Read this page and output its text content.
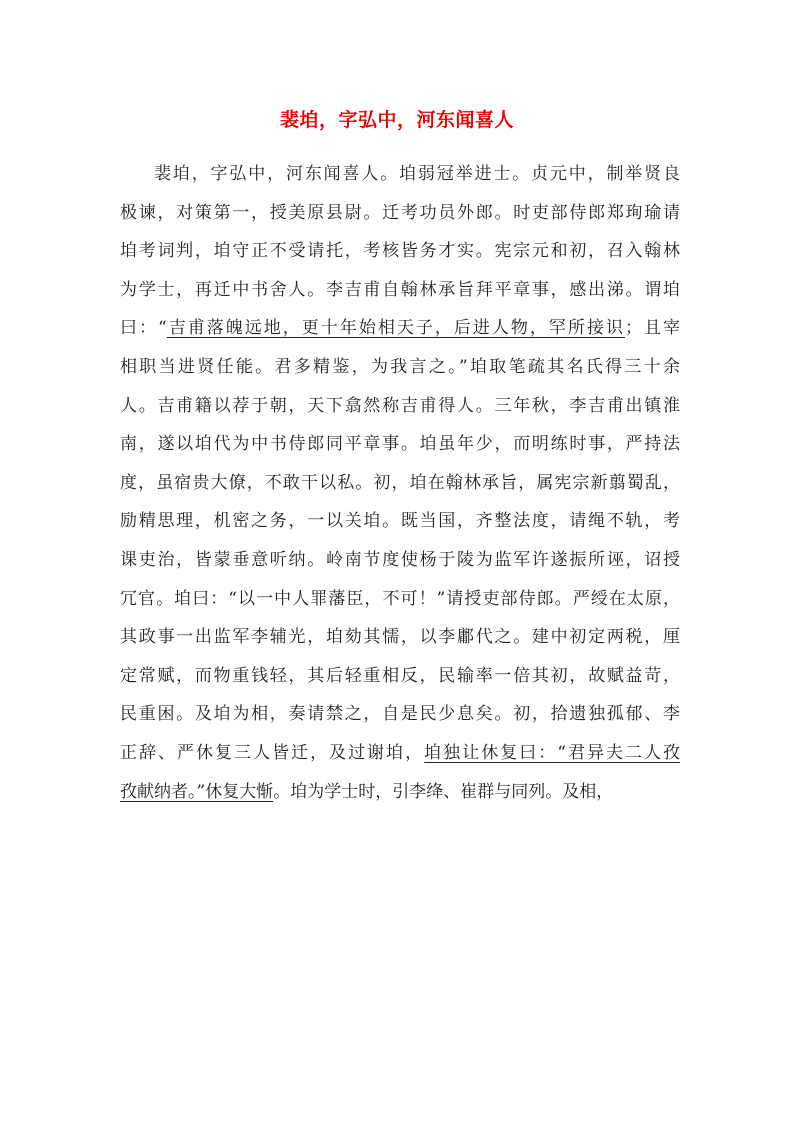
裴垍，字弘中，河东闻喜人
裴垍，字弘中，河东闻喜人。垍弱冠举进士。贞元中，制举贤良
极谏，对策第一，授美原县尉。迁考功员外郎。时吏部侍郎郑珣瑜请
垍考词判，垍守正不受请托，考核皆务才实。宪宗元和初，召入翰林
为学士，再迁中书舍人。李吉甫自翰林承旨拜平章事，感出涕。谓垍
曰：“吉甫落魄远地，更十年始相天子，后进人物，罕所接识；且宰
相职当进贤任能。君多精鉴，为我言之。”垍取笔疏其名氏得三十余
人。吉甫籍以荐于朝，天下翕然称吉甫得人。三年秋，李吉甫出镇淮
南，遂以垍代为中书侍郎同平章事。垍虽年少，而明练时事，严持法
度，虽宿贵大僚，不敢干以私。初，垍在翰林承旨，属宪宗新翦蜀乱，
励精思理，机密之务，一以关垍。既当国，齐整法度，请绳不轨，考
课吏治，皆蒙垂意听纳。岭南节度使杨于陵为监军许遂振所诬，诏授
冗官。垍曰：“以一中人罪藩臣，不可！”请授吏部侍郎。严绶在太原，
其政事一出监军李辅光，垍劾其懦，以李鄘代之。建中初定两税，厘
定常赋，而物重钱轻，其后轻重相反，民输率一倍其初，故赋益苛，
民重困。及垍为相，奏请禁之，自是民少息矣。初，拾遗独孤郁、李
正辞、严休复三人皆迁，及过谢垍，垍独让休复曰：“君异夫二人孜
孜献纳者。”休复大惭。垍为学士时，引李绛、崔群与同列。及相，
